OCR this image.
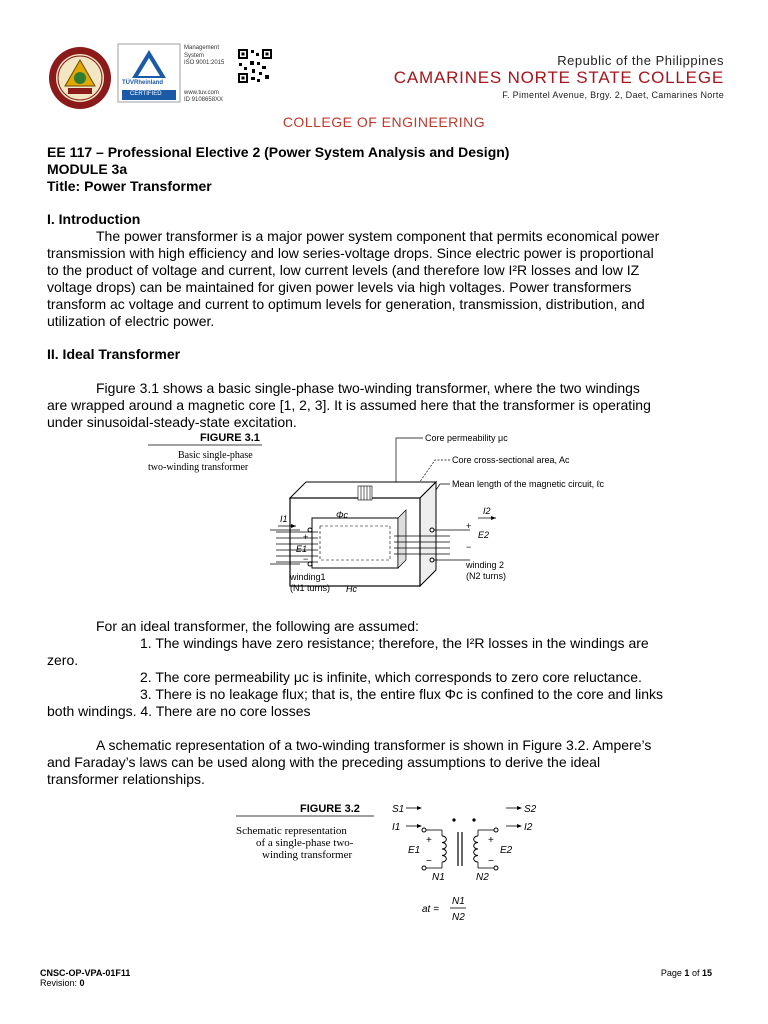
TÜVRheinland
CERTIFIED
Management
System
ISO 9001:2015
www.tuv.com
ID 9108658XX
Republic of the Philippines
CAMARINES NORTE STATE COLLEGE
F. Pimentel Avenue, Brgy. 2, Daet, Camarines Norte
COLLEGE OF ENGINEERING
EE 117 – Professional Elective 2 (Power System Analysis and Design)
MODULE 3a
Title: Power Transformer
I. Introduction
The power transformer is a major power system component that permits economical power
transmission with high efficiency and low series-voltage drops. Since electric power is proportional
to the product of voltage and current, low current levels (and therefore low I²R losses and low IZ
voltage drops) can be maintained for given power levels via high voltages. Power transformers
transform ac voltage and current to optimum levels for generation, transmission, distribution, and
utilization of electric power.
II. Ideal Transformer
Figure 3.1 shows a basic single-phase two-winding transformer, where the two windings
are wrapped around a magnetic core [1, 2, 3]. It is assumed here that the transformer is operating
under sinusoidal-steady-state excitation.
FIGURE 3.1
Basic single-phase
two-winding transformer
Core permeability μc
Core cross-sectional area, Ac
Mean length of the magnetic circuit, ℓc
Φc
Hc
I1
+
E1
−
winding1
(N1 turns)
I2
+
E2
−
winding 2
(N2 turns)
For an ideal transformer, the following are assumed:
1. The windings have zero resistance; therefore, the I²R losses in the windings are
zero.
2. The core permeability μc is infinite, which corresponds to zero core reluctance.
3. There is no leakage flux; that is, the entire flux Φc is confined to the core and links
both windings. 4. There are no core losses
A schematic representation of a two-winding transformer is shown in Figure 3.2. Ampere’s
and Faraday’s laws can be used along with the preceding assumptions to derive the ideal
transformer relationships.
FIGURE 3.2
Schematic representation
of a single-phase two-
winding transformer
S1	S2
I1
+
E1
−
I2
+
E2
−
N1	N2
at =
N1
N2
CNSC-OP-VPA-01F11
Revision: 0
Page 1 of 15
